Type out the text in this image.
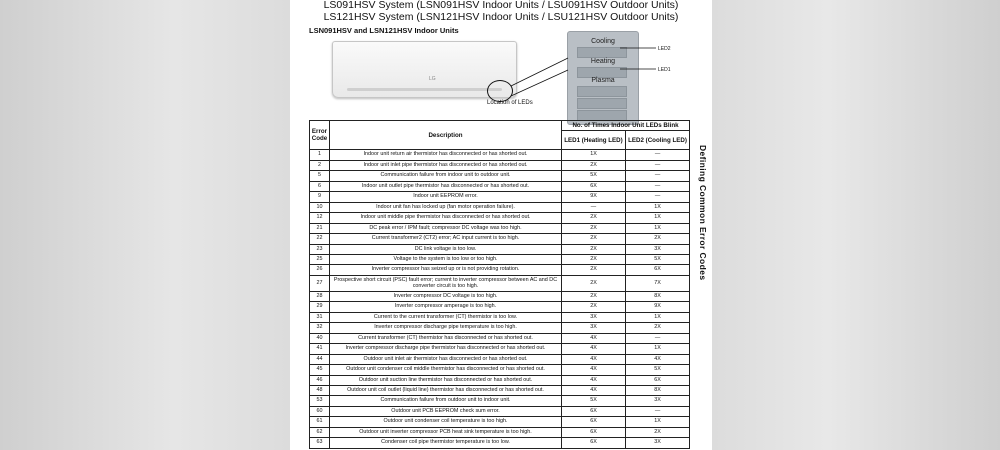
LS091HSV System (LSN091HSV Indoor Units / LSU091HSV Outdoor Units)
LS121HSV System (LSN121HSV Indoor Units / LSU121HSV Outdoor Units)
LSN091HSV and LSN121HSV Indoor Units
LG
Location of LEDs
Cooling
Heating
Plasma
LED2
LED1
Error Code	Description	No. of Times Indoor Unit LEDs Blink	
		LED1 (Heating LED)	LED2 (Cooling LED)
1	Indoor unit return air thermistor has disconnected or has shorted out.	1X	—
2	Indoor unit inlet pipe thermistor has disconnected or has shorted out.	2X	—
5	Communication failure from indoor unit to outdoor unit.	5X	—
6	Indoor unit outlet pipe thermistor has disconnected or has shorted out.	6X	—
9	Indoor unit EEPROM error.	9X	—
10	Indoor unit fan has locked up (fan motor operation failure).	—	1X
12	Indoor unit middle pipe thermistor has disconnected or has shorted out.	2X	1X
21	DC peak error / IPM fault; compressor DC voltage was too high.	2X	1X
22	Current transformer2 (CT2) error; AC input current is too high.	2X	2X
23	DC link voltage is too low.	2X	3X
25	Voltage to the system is too low or too high.	2X	5X
26	Inverter compressor has seized up or is not providing rotation.	2X	6X
27	Prospective short circuit (PSC) fault error; current to inverter compressor between AC and DC converter circuit is too high.	2X	7X
28	Inverter compressor DC voltage is too high.	2X	8X
29	Inverter compressor amperage is too high.	2X	9X
31	Current to the current transformer (CT) thermistor is too low.	3X	1X
32	Inverter compressor discharge pipe temperature is too high.	3X	2X
40	Current transformer (CT) thermistor has disconnected or has shorted out.	4X	—
41	Inverter compressor discharge pipe thermistor has disconnected or has shorted out.	4X	1X
44	Outdoor unit inlet air thermistor has disconnected or has shorted out.	4X	4X
45	Outdoor unit condenser coil middle thermistor has disconnected or has shorted out.	4X	5X
46	Outdoor unit suction line thermistor has disconnected or has shorted out.	4X	6X
48	Outdoor unit coil outlet (liquid line) thermistor has disconnected or has shorted out.	4X	8X
53	Communication failure from outdoor unit to indoor unit.	5X	3X
60	Outdoor unit PCB EEPROM check sum error.	6X	—
61	Outdoor unit condenser coil temperature is too high.	6X	1X
62	Outdoor unit inverter compressor PCB heat sink temperature is too high.	6X	2X
63	Condenser coil pipe thermistor temperature is too low.	6X	3X
Defining Common Error Codes
